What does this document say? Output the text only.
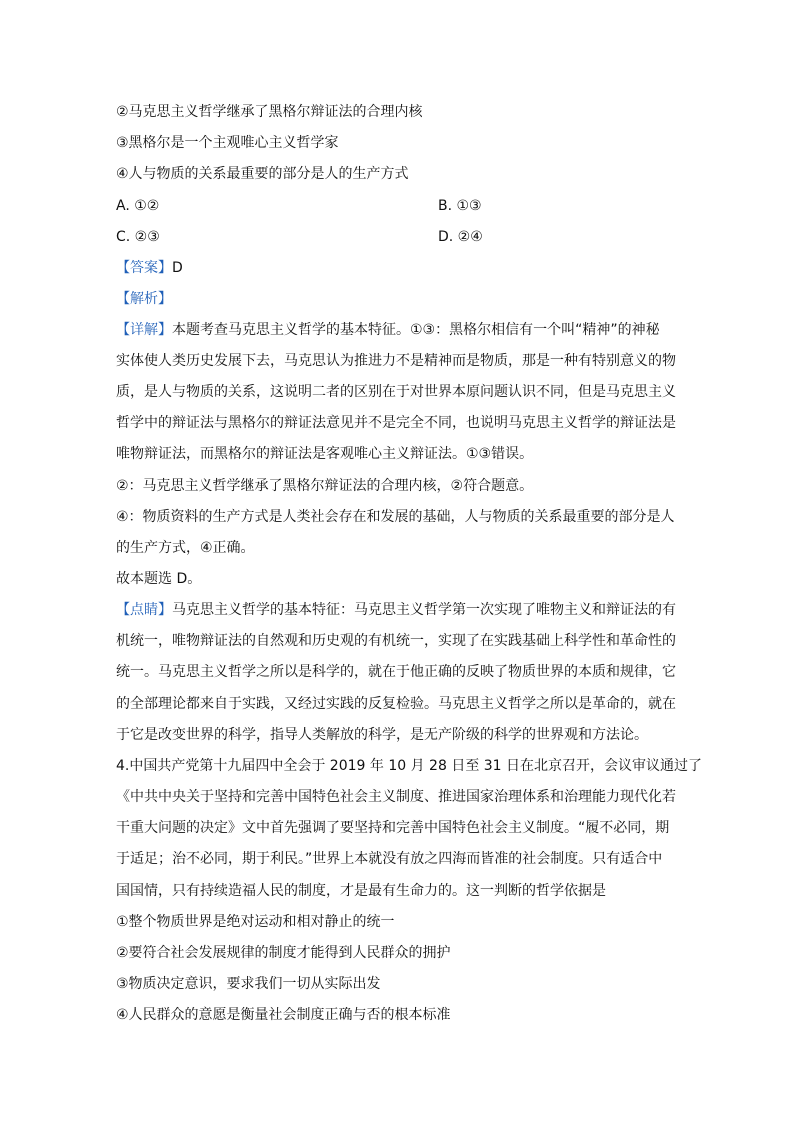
②马克思主义哲学继承了黑格尔辩证法的合理内核
③黑格尔是一个主观唯心主义哲学家
④人与物质的关系最重要的部分是人的生产方式
A. ①②	B. ①③
C. ②③	D. ②④
【答案】D
【解析】
【详解】本题考查马克思主义哲学的基本特征。①③：黑格尔相信有一个叫“精神”的神秘
实体使人类历史发展下去，马克思认为推进力不是精神而是物质，那是一种有特别意义的物
质，是人与物质的关系，这说明二者的区别在于对世界本原问题认识不同，但是马克思主义
哲学中的辩证法与黑格尔的辩证法意见并不是完全不同，也说明马克思主义哲学的辩证法是
唯物辩证法，而黑格尔的辩证法是客观唯心主义辩证法。①③错误。
②：马克思主义哲学继承了黑格尔辩证法的合理内核，②符合题意。
④：物质资料的生产方式是人类社会存在和发展的基础，人与物质的关系最重要的部分是人
的生产方式，④正确。
故本题选 D。
【点睛】马克思主义哲学的基本特征：马克思主义哲学第一次实现了唯物主义和辩证法的有
机统一，唯物辩证法的自然观和历史观的有机统一，实现了在实践基础上科学性和革命性的
统一。马克思主义哲学之所以是科学的，就在于他正确的反映了物质世界的本质和规律，它
的全部理论都来自于实践，又经过实践的反复检验。马克思主义哲学之所以是革命的，就在
于它是改变世界的科学，指导人类解放的科学，是无产阶级的科学的世界观和方法论。
4.中国共产党第十九届四中全会于 2019 年 10 月 28 日至 31 日在北京召开，会议审议通过了
《中共中央关于坚持和完善中国特色社会主义制度、推进国家治理体系和治理能力现代化若
干重大问题的决定》文中首先强调了要坚持和完善中国特色社会主义制度。“履不必同，期
于适足；治不必同，期于利民。”世界上本就没有放之四海而皆准的社会制度。只有适合中
国国情，只有持续造福人民的制度，才是最有生命力的。这一判断的哲学依据是
①整个物质世界是绝对运动和相对静止的统一
②要符合社会发展规律的制度才能得到人民群众的拥护
③物质决定意识，要求我们一切从实际出发
④人民群众的意愿是衡量社会制度正确与否的根本标准
